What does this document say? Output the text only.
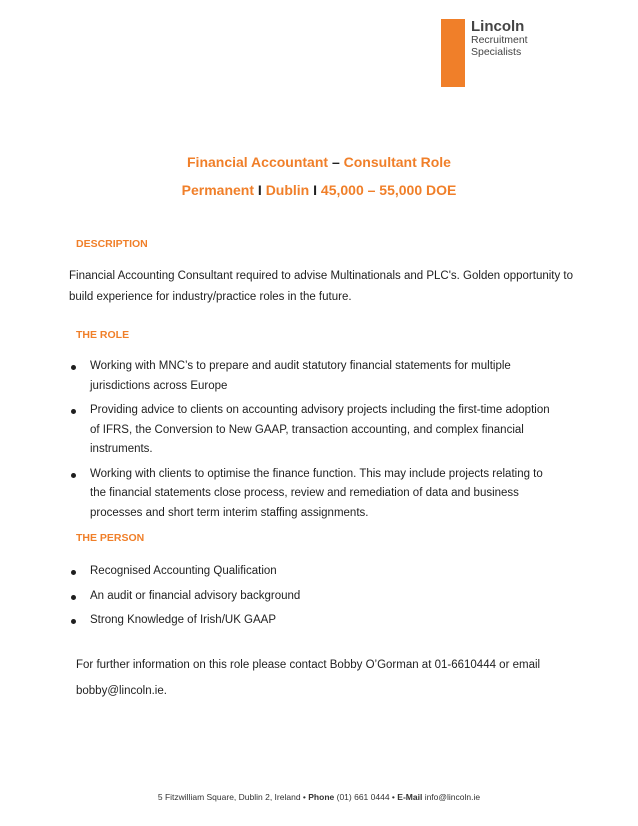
Lincoln
Recruitment
Specialists
Financial Accountant – Consultant Role
Permanent I Dublin I 45,000 – 55,000 DOE
DESCRIPTION
Financial Accounting Consultant required to advise Multinationals and PLC's. Golden opportunity to build experience for industry/practice roles in the future.
THE ROLE
Working with MNC’s to prepare and audit statutory financial statements for multiple jurisdictions across Europe
Providing advice to clients on accounting advisory projects including the first-time adoption of IFRS, the Conversion to New GAAP, transaction accounting, and complex financial instruments.
Working with clients to optimise the finance function. This may include projects relating to the financial statements close process, review and remediation of data and business processes and short term interim staffing assignments.
THE PERSON
Recognised Accounting Qualification
An audit or financial advisory background
Strong Knowledge of Irish/UK GAAP
For further information on this role please contact Bobby O’Gorman at 01-6610444 or email bobby@lincoln.ie.
5 Fitzwilliam Square, Dublin 2, Ireland • Phone (01) 661 0444 • E-Mail info@lincoln.ie
